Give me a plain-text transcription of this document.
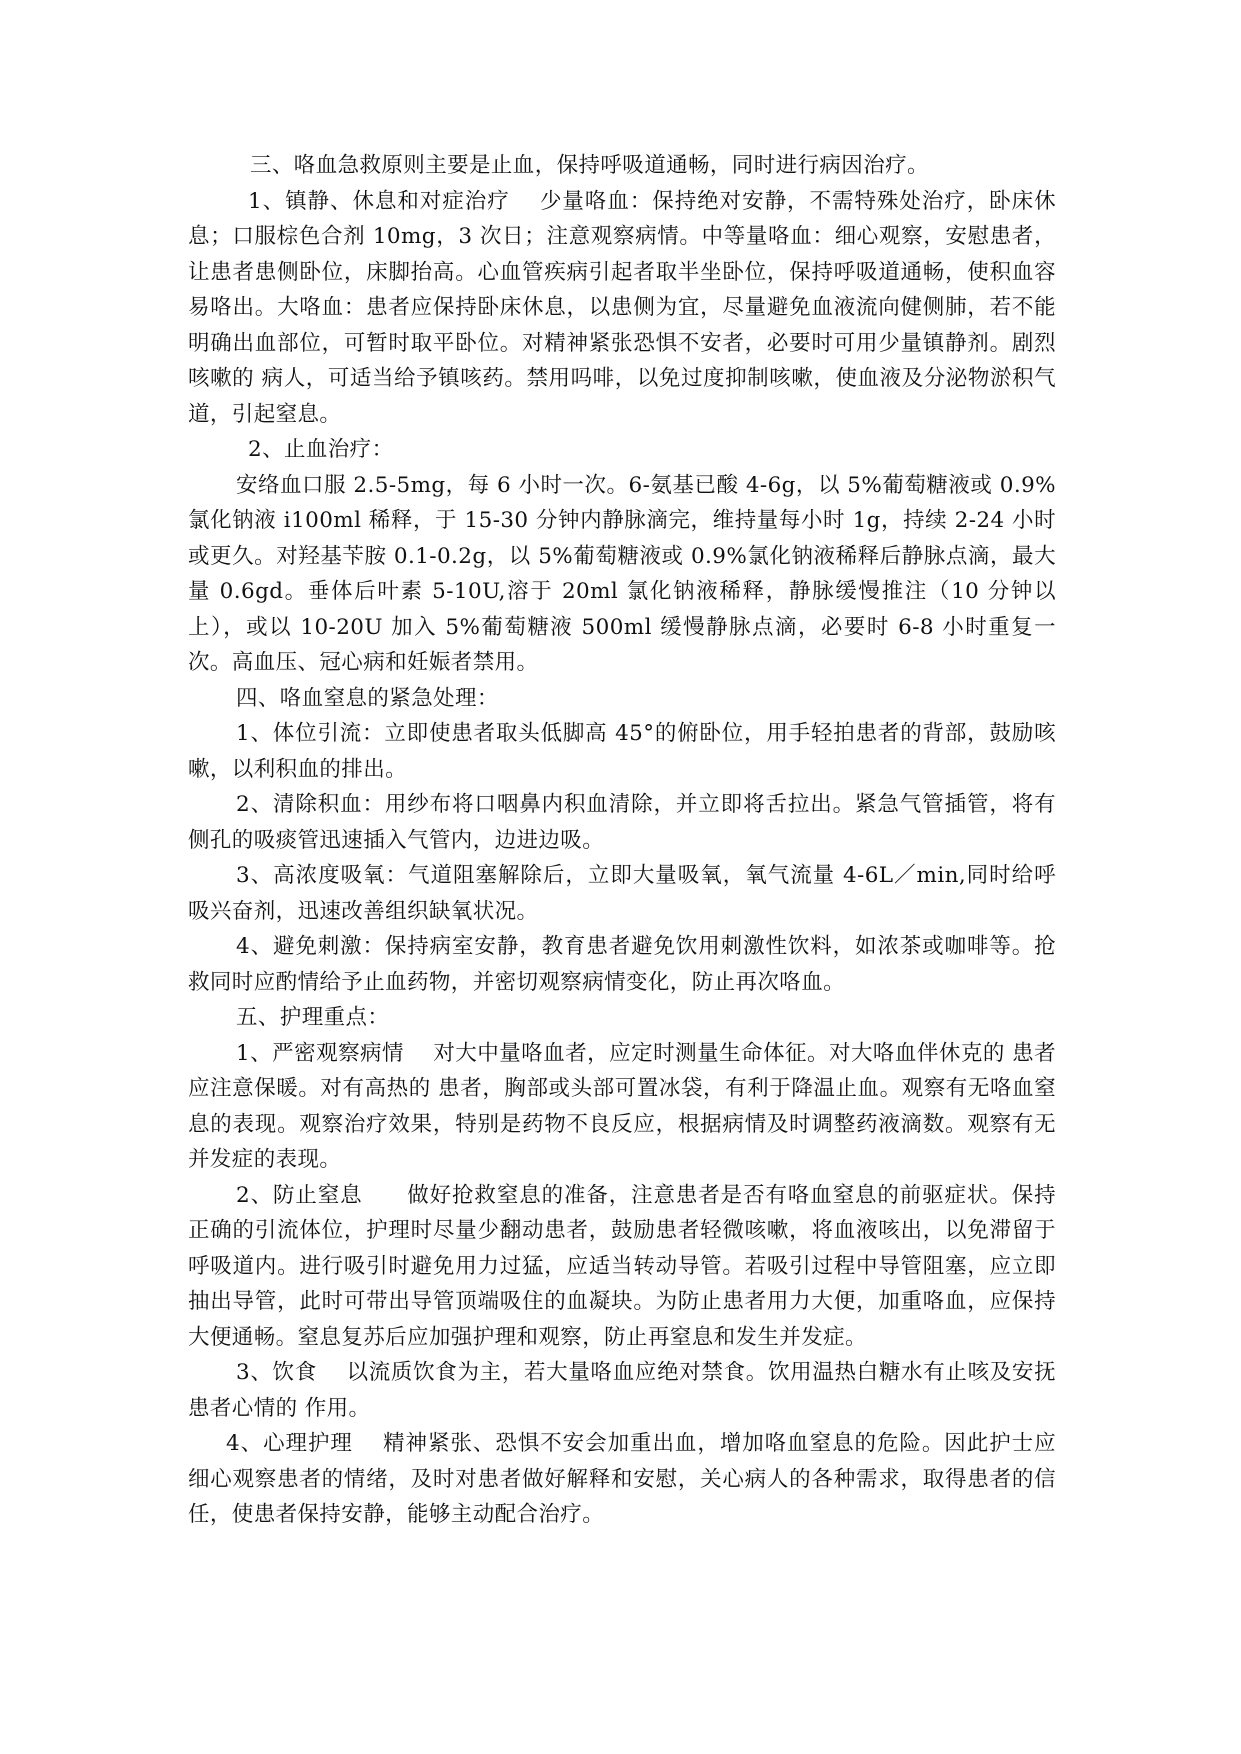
三、咯血急救原则主要是止血，保持呼吸道通畅，同时进行病因治疗。

1、镇静、休息和对症治疗　 少量咯血：保持绝对安静，不需特殊处治疗，卧床休息；口服棕色合剂 10mg，3 次日；注意观察病情。中等量咯血：细心观察，安慰患者，让患者患侧卧位，床脚抬高。心血管疾病引起者取半坐卧位，保持呼吸道通畅，使积血容易咯出。大咯血：患者应保持卧床休息，以患侧为宜，尽量避免血液流向健侧肺，若不能明确出血部位，可暂时取平卧位。对精神紧张恐惧不安者，必要时可用少量镇静剂。剧烈咳嗽的 病人，可适当给予镇咳药。禁用吗啡，以免过度抑制咳嗽，使血液及分泌物淤积气道，引起窒息。

2、止血治疗：

安络血口服 2.5-5mg，每 6 小时一次。6-氨基已酸 4-6g，以 5%葡萄糖液或 0.9%氯化钠液 i100ml 稀释，于 15-30 分钟内静脉滴完，维持量每小时 1g，持续 2-24 小时或更久。对羟基苄胺 0.1-0.2g，以 5%葡萄糖液或 0.9%氯化钠液稀释后静脉点滴，最大量 0.6gd。垂体后叶素 5-10U,溶于 20ml 氯化钠液稀释，静脉缓慢推注（10 分钟以上），或以 10-20U 加入 5%葡萄糖液 500ml 缓慢静脉点滴，必要时 6-8 小时重复一次。高血压、冠心病和妊娠者禁用。

四、咯血窒息的紧急处理：

1、体位引流：立即使患者取头低脚高 45°的俯卧位，用手轻拍患者的背部，鼓励咳嗽，以利积血的排出。

2、清除积血：用纱布将口咽鼻内积血清除，并立即将舌拉出。紧急气管插管，将有侧孔的吸痰管迅速插入气管内，边进边吸。

3、高浓度吸氧：气道阻塞解除后，立即大量吸氧，氧气流量 4-6L／min,同时给呼吸兴奋剂，迅速改善组织缺氧状况。

4、避免刺激：保持病室安静，教育患者避免饮用刺激性饮料，如浓茶或咖啡等。抢救同时应酌情给予止血药物，并密切观察病情变化，防止再次咯血。

五、护理重点：

1、严密观察病情　 对大中量咯血者，应定时测量生命体征。对大咯血伴休克的 患者应注意保暖。对有高热的 患者，胸部或头部可置冰袋，有利于降温止血。观察有无咯血窒息的表现。观察治疗效果，特别是药物不良反应，根据病情及时调整药液滴数。观察有无并发症的表现。

2、防止窒息　　做好抢救窒息的准备，注意患者是否有咯血窒息的前驱症状。保持正确的引流体位，护理时尽量少翻动患者，鼓励患者轻微咳嗽，将血液咳出，以免滞留于呼吸道内。进行吸引时避免用力过猛，应适当转动导管。若吸引过程中导管阻塞，应立即抽出导管，此时可带出导管顶端吸住的血凝块。为防止患者用力大便，加重咯血，应保持大便通畅。窒息复苏后应加强护理和观察，防止再窒息和发生并发症。

3、饮食　 以流质饮食为主，若大量咯血应绝对禁食。饮用温热白糖水有止咳及安抚患者心情的 作用。

4、心理护理　 精神紧张、恐惧不安会加重出血，增加咯血窒息的危险。因此护士应细心观察患者的情绪，及时对患者做好解释和安慰，关心病人的各种需求，取得患者的信任，使患者保持安静，能够主动配合治疗。
